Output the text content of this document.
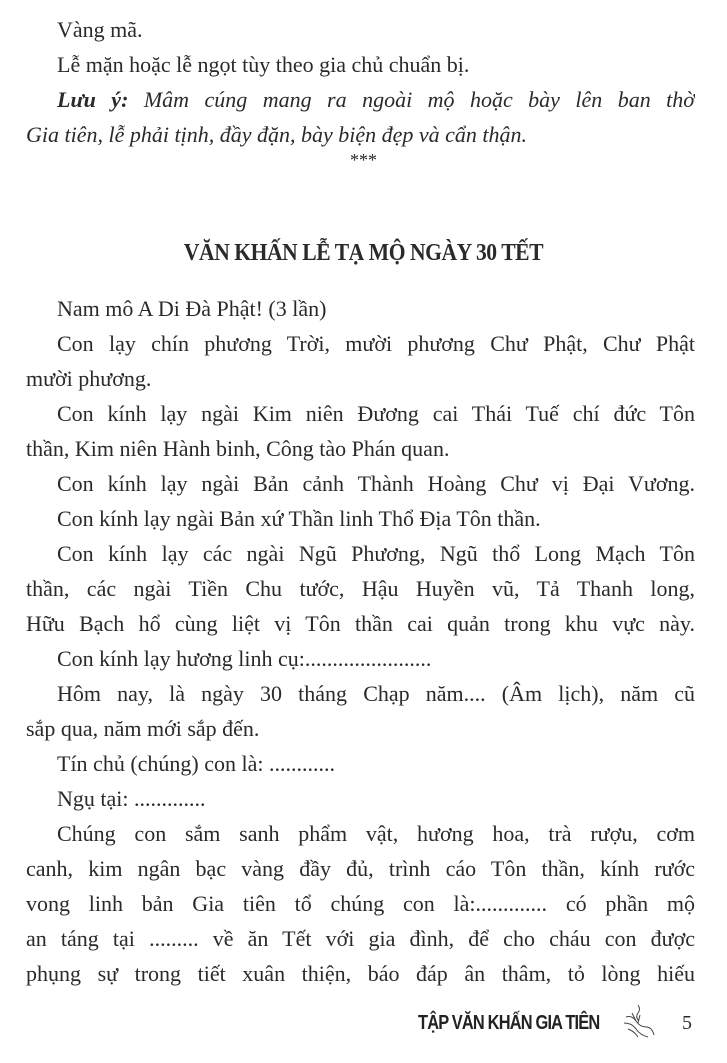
Vàng mã.
Lễ mặn hoặc lễ ngọt tùy theo gia chủ chuẩn bị.
Lưu ý: Mâm cúng mang ra ngoài mộ hoặc bày lên ban thờ
Gia tiên, lễ phải tịnh, đầy đặn, bày biện đẹp và cẩn thận.
***
VĂN KHẤN LỄ TẠ MỘ NGÀY 30 TẾT
Nam mô A Di Đà Phật! (3 lần)
Con lạy chín phương Trời, mười phương Chư Phật, Chư Phật
mười phương.
Con kính lạy ngài Kim niên Đương cai Thái Tuế chí đức Tôn
thần, Kim niên Hành binh, Công tào Phán quan.
Con kính lạy ngài Bản cảnh Thành Hoàng Chư vị Đại Vương.
Con kính lạy ngài Bản xứ Thần linh Thổ Địa Tôn thần.
Con kính lạy các ngài Ngũ Phương, Ngũ thổ Long Mạch Tôn
thần, các ngài Tiền Chu tước, Hậu Huyền vũ, Tả Thanh long,
Hữu Bạch hổ cùng liệt vị Tôn thần cai quản trong khu vực này.
Con kính lạy hương linh cụ:.......................
Hôm nay, là ngày 30 tháng Chạp năm.... (Âm lịch), năm cũ
sắp qua, năm mới sắp đến.
Tín chủ (chúng) con là: ............
Ngụ tại: .............
Chúng con sắm sanh phẩm vật, hương hoa, trà rượu, cơm
canh, kim ngân bạc vàng đầy đủ, trình cáo Tôn thần, kính rước
vong linh bản Gia tiên tổ chúng con là:............. có phần mộ
an táng tại ......... về ăn Tết với gia đình, để cho cháu con được
phụng sự trong tiết xuân thiện, báo đáp ân thâm, tỏ lòng hiếu
TẬP VĂN KHẤN GIA TIÊN	5
